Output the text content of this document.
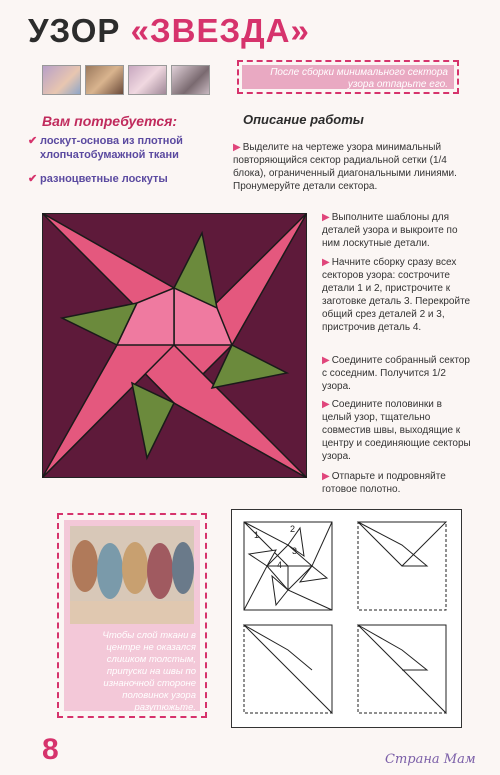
УЗОР «ЗВЕЗДА»
Вам потребуется:
✔ лоскут-основа из плотной хлопчатобумажной ткани
✔ разноцветные лоскуты
После сборки минимального сектора узора отпарьте его.
Описание работы
▶ Выделите на чертеже узора минимальный повторяющийся сектор радиальной сетки (1/4 блока), ограниченный диагональными линиями. Пронумеруйте детали сектора.
▶ Выполните шаблоны для деталей узора и выкроите по ним лоскутные детали.
▶ Начните сборку сразу всех секторов узора: сострочите детали 1 и 2, пристрочите к заготовке деталь 3. Перекройте общий срез деталей 2 и 3, пристрочив деталь 4.
▶ Соедините собранный сектор с соседним. Получится 1/2 узора.
▶ Соедините половинки в целый узор, тщательно совместив швы, выходящие к центру и соединяющие секторы узора.
▶ Отпарьте и подровняйте готовое полотно.
Чтобы слой ткани в центре не оказался слишком толстым, припуски на швы по изнаночной стороне половинок узора разутюжьте.
1
2
3
4
8	Страна Мам
